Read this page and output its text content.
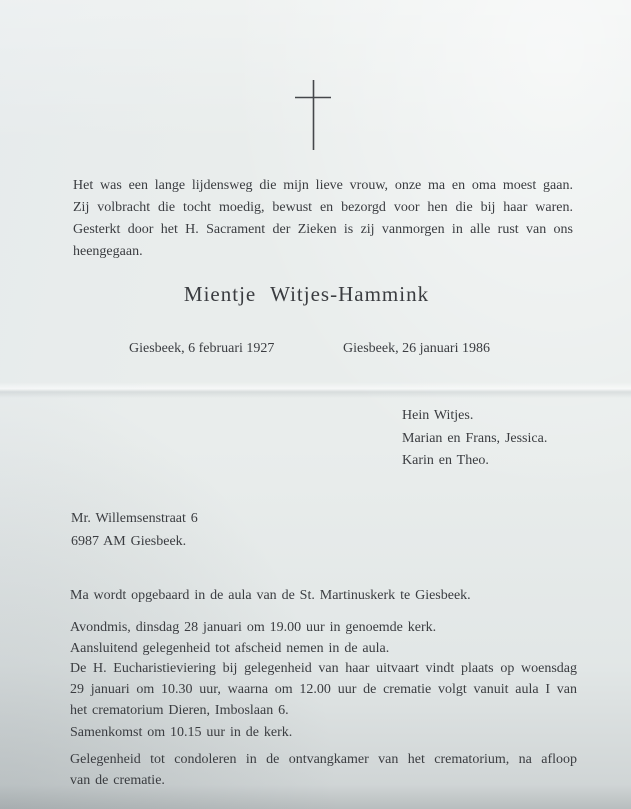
Het was een lange lijdensweg die mijn lieve vrouw, onze ma en oma moest gaan.
Zij volbracht die tocht moedig, bewust en bezorgd voor hen die bij haar waren.
Gesterkt door het H. Sacrament der Zieken is zij vanmorgen in alle rust van ons
heengegaan.
Mientje Witjes-Hammink
Giesbeek, 6 februari 1927	Giesbeek, 26 januari 1986
Hein Witjes.
Marian en Frans, Jessica.
Karin en Theo.
Mr. Willemsenstraat 6
6987 AM Giesbeek.
Ma wordt opgebaard in de aula van de St. Martinuskerk te Giesbeek.
Avondmis, dinsdag 28 januari om 19.00 uur in genoemde kerk.
Aansluitend gelegenheid tot afscheid nemen in de aula.
De H. Eucharistieviering bij gelegenheid van haar uitvaart vindt plaats op woensdag
29 januari om 10.30 uur, waarna om 12.00 uur de crematie volgt vanuit aula I van
het crematorium Dieren, Imboslaan 6.
Samenkomst om 10.15 uur in de kerk.
Gelegenheid tot condoleren in de ontvangkamer van het crematorium, na afloop
van de crematie.
